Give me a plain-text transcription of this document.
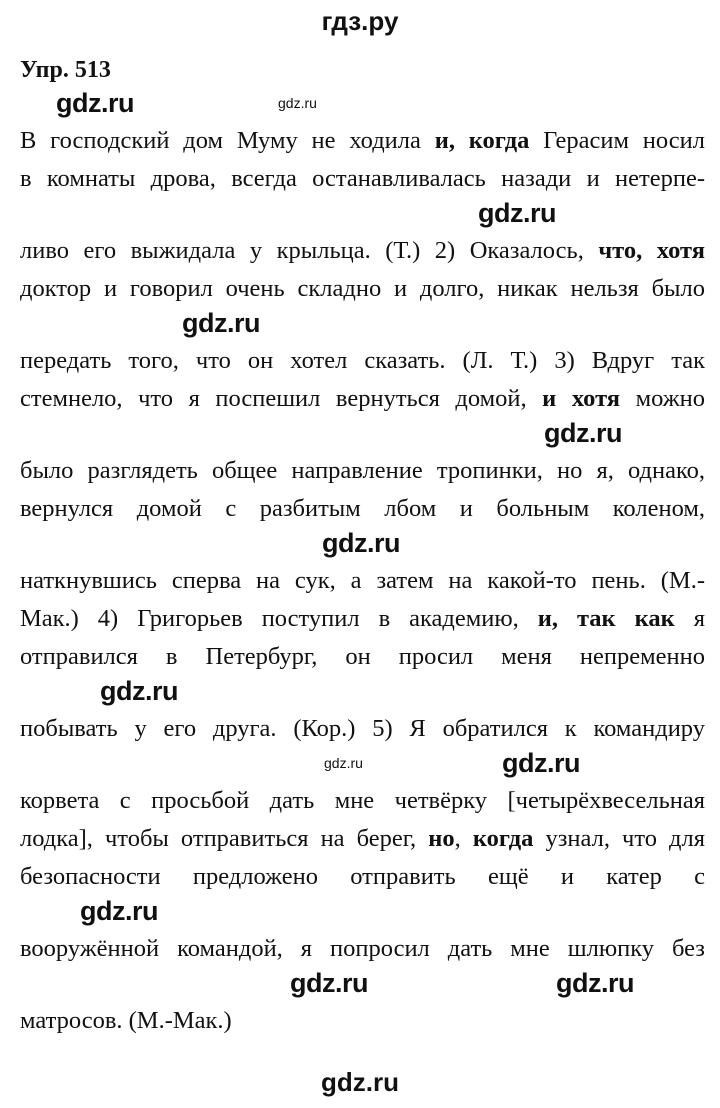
гдз.ру
Упр. 513
gdz.ru	gdz.ru
В господский дом Муму не ходила и, когда Герасим носил
в комнаты дрова, всегда останавливалась назади и нетерпе-
gdz.ru
ливо его выжидала у крыльца. (Т.) 2) Оказалось, что, хотя
доктор и говорил очень складно и долго, никак нельзя было
gdz.ru
передать того, что он хотел сказать. (Л. Т.) 3) Вдруг так
стемнело, что я поспешил вернуться домой, и хотя можно
gdz.ru
было разглядеть общее направление тропинки, но я, однако,
вернулся домой с разбитым лбом и больным коленом,
gdz.ru
наткнувшись сперва на сук, а затем на какой-то пень. (М.-
Мак.) 4) Григорьев поступил в академию, и, так как я
отправился в Петербург, он просил меня непременно
gdz.ru
побывать у его друга. (Кор.) 5) Я обратился к командиру
gdz.ru	gdz.ru
корвета с просьбой дать мне четвёрку [четырёхвесельная
лодка], чтобы отправиться на берег, но, когда узнал, что для
безопасности предложено отправить ещё и катер с
gdz.ru
вооружённой командой, я попросил дать мне шлюпку без
gdz.ru	gdz.ru
матросов. (М.-Мак.)
gdz.ru
